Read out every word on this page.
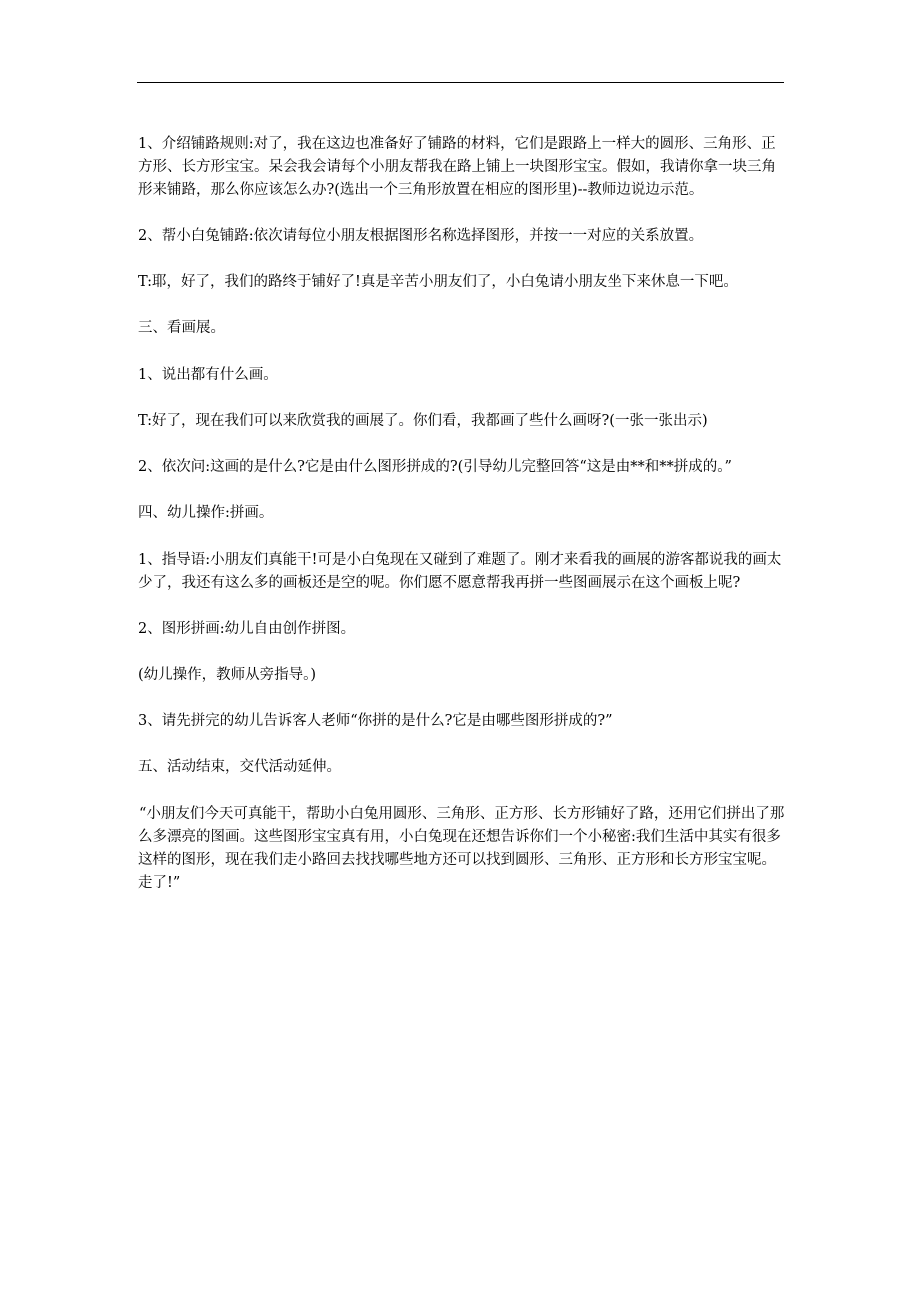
1、介绍铺路规则:对了，我在这边也准备好了铺路的材料，它们是跟路上一样大的圆形、三角形、正方形、长方形宝宝。呆会我会请每个小朋友帮我在路上铺上一块图形宝宝。假如，我请你拿一块三角形来铺路，那么你应该怎么办?(选出一个三角形放置在相应的图形里)--教师边说边示范。

2、帮小白兔铺路:依次请每位小朋友根据图形名称选择图形，并按一一对应的关系放置。

T:耶，好了，我们的路终于铺好了!真是辛苦小朋友们了，小白兔请小朋友坐下来休息一下吧。

三、看画展。

1、说出都有什么画。

T:好了，现在我们可以来欣赏我的画展了。你们看，我都画了些什么画呀?(一张一张出示)

2、依次问:这画的是什么?它是由什么图形拼成的?(引导幼儿完整回答“这是由**和**拼成的。”

四、幼儿操作:拼画。

1、指导语:小朋友们真能干!可是小白兔现在又碰到了难题了。刚才来看我的画展的游客都说我的画太少了，我还有这么多的画板还是空的呢。你们愿不愿意帮我再拼一些图画展示在这个画板上呢?

2、图形拼画:幼儿自由创作拼图。

(幼儿操作，教师从旁指导。)

3、请先拼完的幼儿告诉客人老师“你拼的是什么?它是由哪些图形拼成的?”

五、活动结束，交代活动延伸。

“小朋友们今天可真能干，帮助小白兔用圆形、三角形、正方形、长方形铺好了路，还用它们拼出了那么多漂亮的图画。这些图形宝宝真有用，小白兔现在还想告诉你们一个小秘密:我们生活中其实有很多这样的图形，现在我们走小路回去找找哪些地方还可以找到圆形、三角形、正方形和长方形宝宝呢。走了!”
